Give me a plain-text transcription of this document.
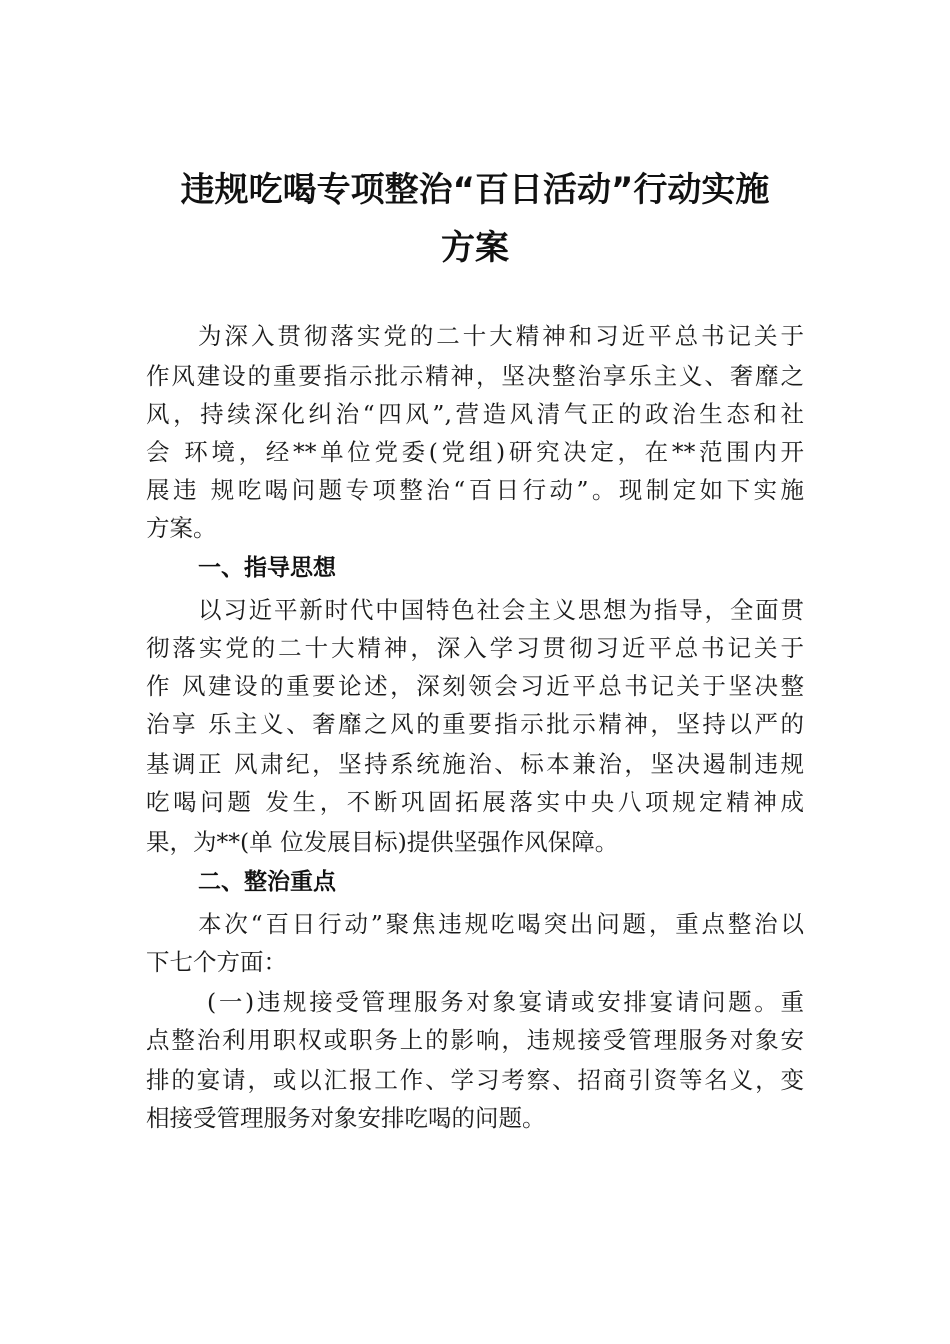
违规吃喝专项整治“百日活动”行动实施
方案

为深入贯彻落实党的二十大精神和习近平总书记关于

作风建设的重要指示批示精神，坚决整治享乐主义、奢靡之

风，持续深化纠治“四风”,营造风清气正的政治生态和社

会 环境，经**单位党委(党组)研究决定，在**范围内开

展违 规吃喝问题专项整治“百日行动”。现制定如下实施

方案。

一、指导思想

以习近平新时代中国特色社会主义思想为指导，全面贯

彻落实党的二十大精神，深入学习贯彻习近平总书记关于

作 风建设的重要论述，深刻领会习近平总书记关于坚决整

治享 乐主义、奢靡之风的重要指示批示精神，坚持以严的

基调正 风肃纪，坚持系统施治、标本兼治，坚决遏制违规

吃喝问题 发生，不断巩固拓展落实中央八项规定精神成

果，为**(单 位发展目标)提供坚强作风保障。

二、整治重点

本次“百日行动”聚焦违规吃喝突出问题，重点整治以

下七个方面：

(一)违规接受管理服务对象宴请或安排宴请问题。重

点整治利用职权或职务上的影响，违规接受管理服务对象安

排的宴请，或以汇报工作、学习考察、招商引资等名义，变

相接受管理服务对象安排吃喝的问题。
